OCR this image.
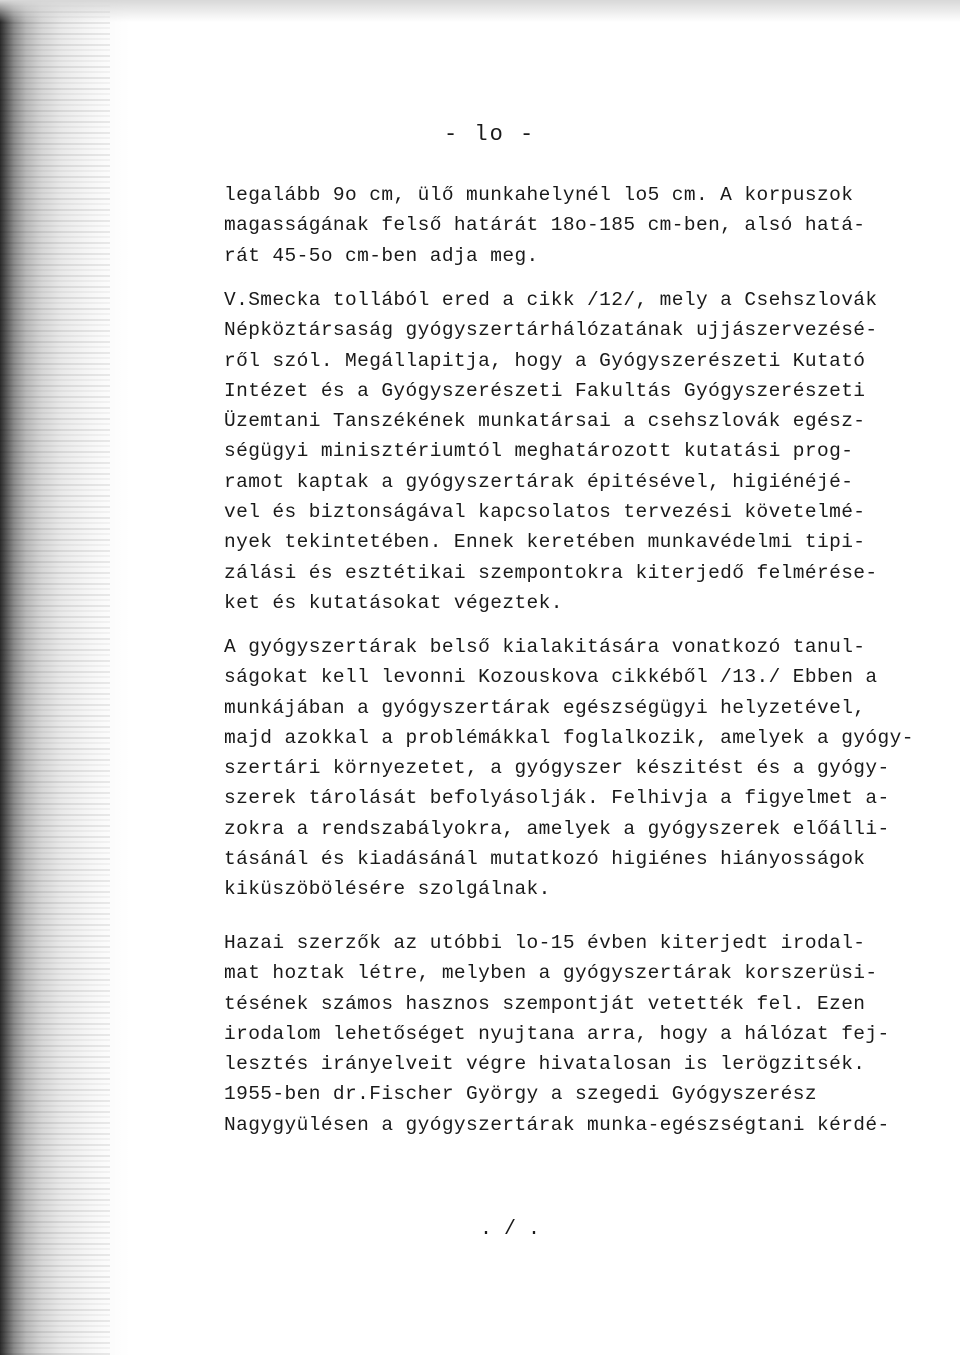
- lo -
legalább 9o cm, ülő munkahelynél lo5 cm. A korpuszok
magasságának felső határát 18o-185 cm-ben, alsó hatá-
rát 45-5o cm-ben adja meg.
V.Smecka tollából ered a cikk /12/, mely a Csehszlovák
Népköztársaság gyógyszertárhálózatának ujjászervezésé-
ről szól. Megállapitja, hogy a Gyógyszerészeti Kutató
Intézet és a Gyógyszerészeti Fakultás Gyógyszerészeti
Üzemtani Tanszékének munkatársai a csehszlovák egész-
ségügyi minisztériumtól meghatározott kutatási prog-
ramot kaptak a gyógyszertárak épitésével, higiénéjé-
vel és biztonságával kapcsolatos tervezési követelmé-
nyek tekintetében. Ennek keretében munkavédelmi tipi-
zálási és esztétikai szempontokra kiterjedő felmérése-
ket és kutatásokat végeztek.
A gyógyszertárak belső kialakitására vonatkozó tanul-
ságokat kell levonni Kozouskova cikkéből /13./ Ebben a
munkájában a gyógyszertárak egészségügyi helyzetével,
majd azokkal a problémákkal foglalkozik, amelyek a gyógy-
szertári környezetet, a gyógyszer készitést és a gyógy-
szerek tárolását befolyásolják. Felhivja a figyelmet a-
zokra a rendszabályokra, amelyek a gyógyszerek előálli-
tásánál és kiadásánál mutatkozó higiénes hiányosságok
kiküszöbölésére szolgálnak.
Hazai szerzők az utóbbi lo-15 évben kiterjedt irodal-
mat hoztak létre, melyben a gyógyszertárak korszerüsi-
tésének számos hasznos szempontját vetették fel. Ezen
irodalom lehetőséget nyujtana arra, hogy a hálózat fej-
lesztés irányelveit végre hivatalosan is lerögzitsék.
1955-ben dr.Fischer György a szegedi Gyógyszerész
Nagygyülésen a gyógyszertárak munka-egészségtani kérdé-
. / .
